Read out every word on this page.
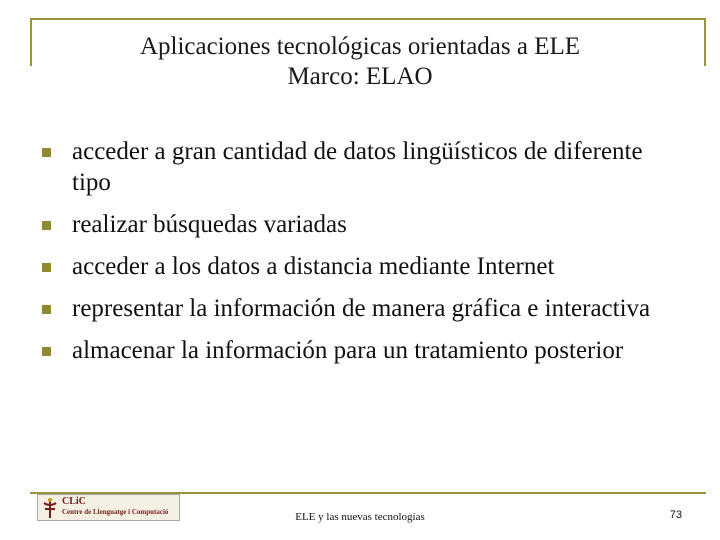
Aplicaciones tecnológicas orientadas a ELE
Marco: ELAO
acceder a gran cantidad de datos lingüísticos de diferente tipo
realizar búsquedas variadas
acceder a los datos a distancia mediante Internet
representar la información de manera gráfica e interactiva
almacenar la información para un tratamiento posterior
CLiC
Centre de Llenguatge i Computació	ELE y las nuevas tecnologías	73
